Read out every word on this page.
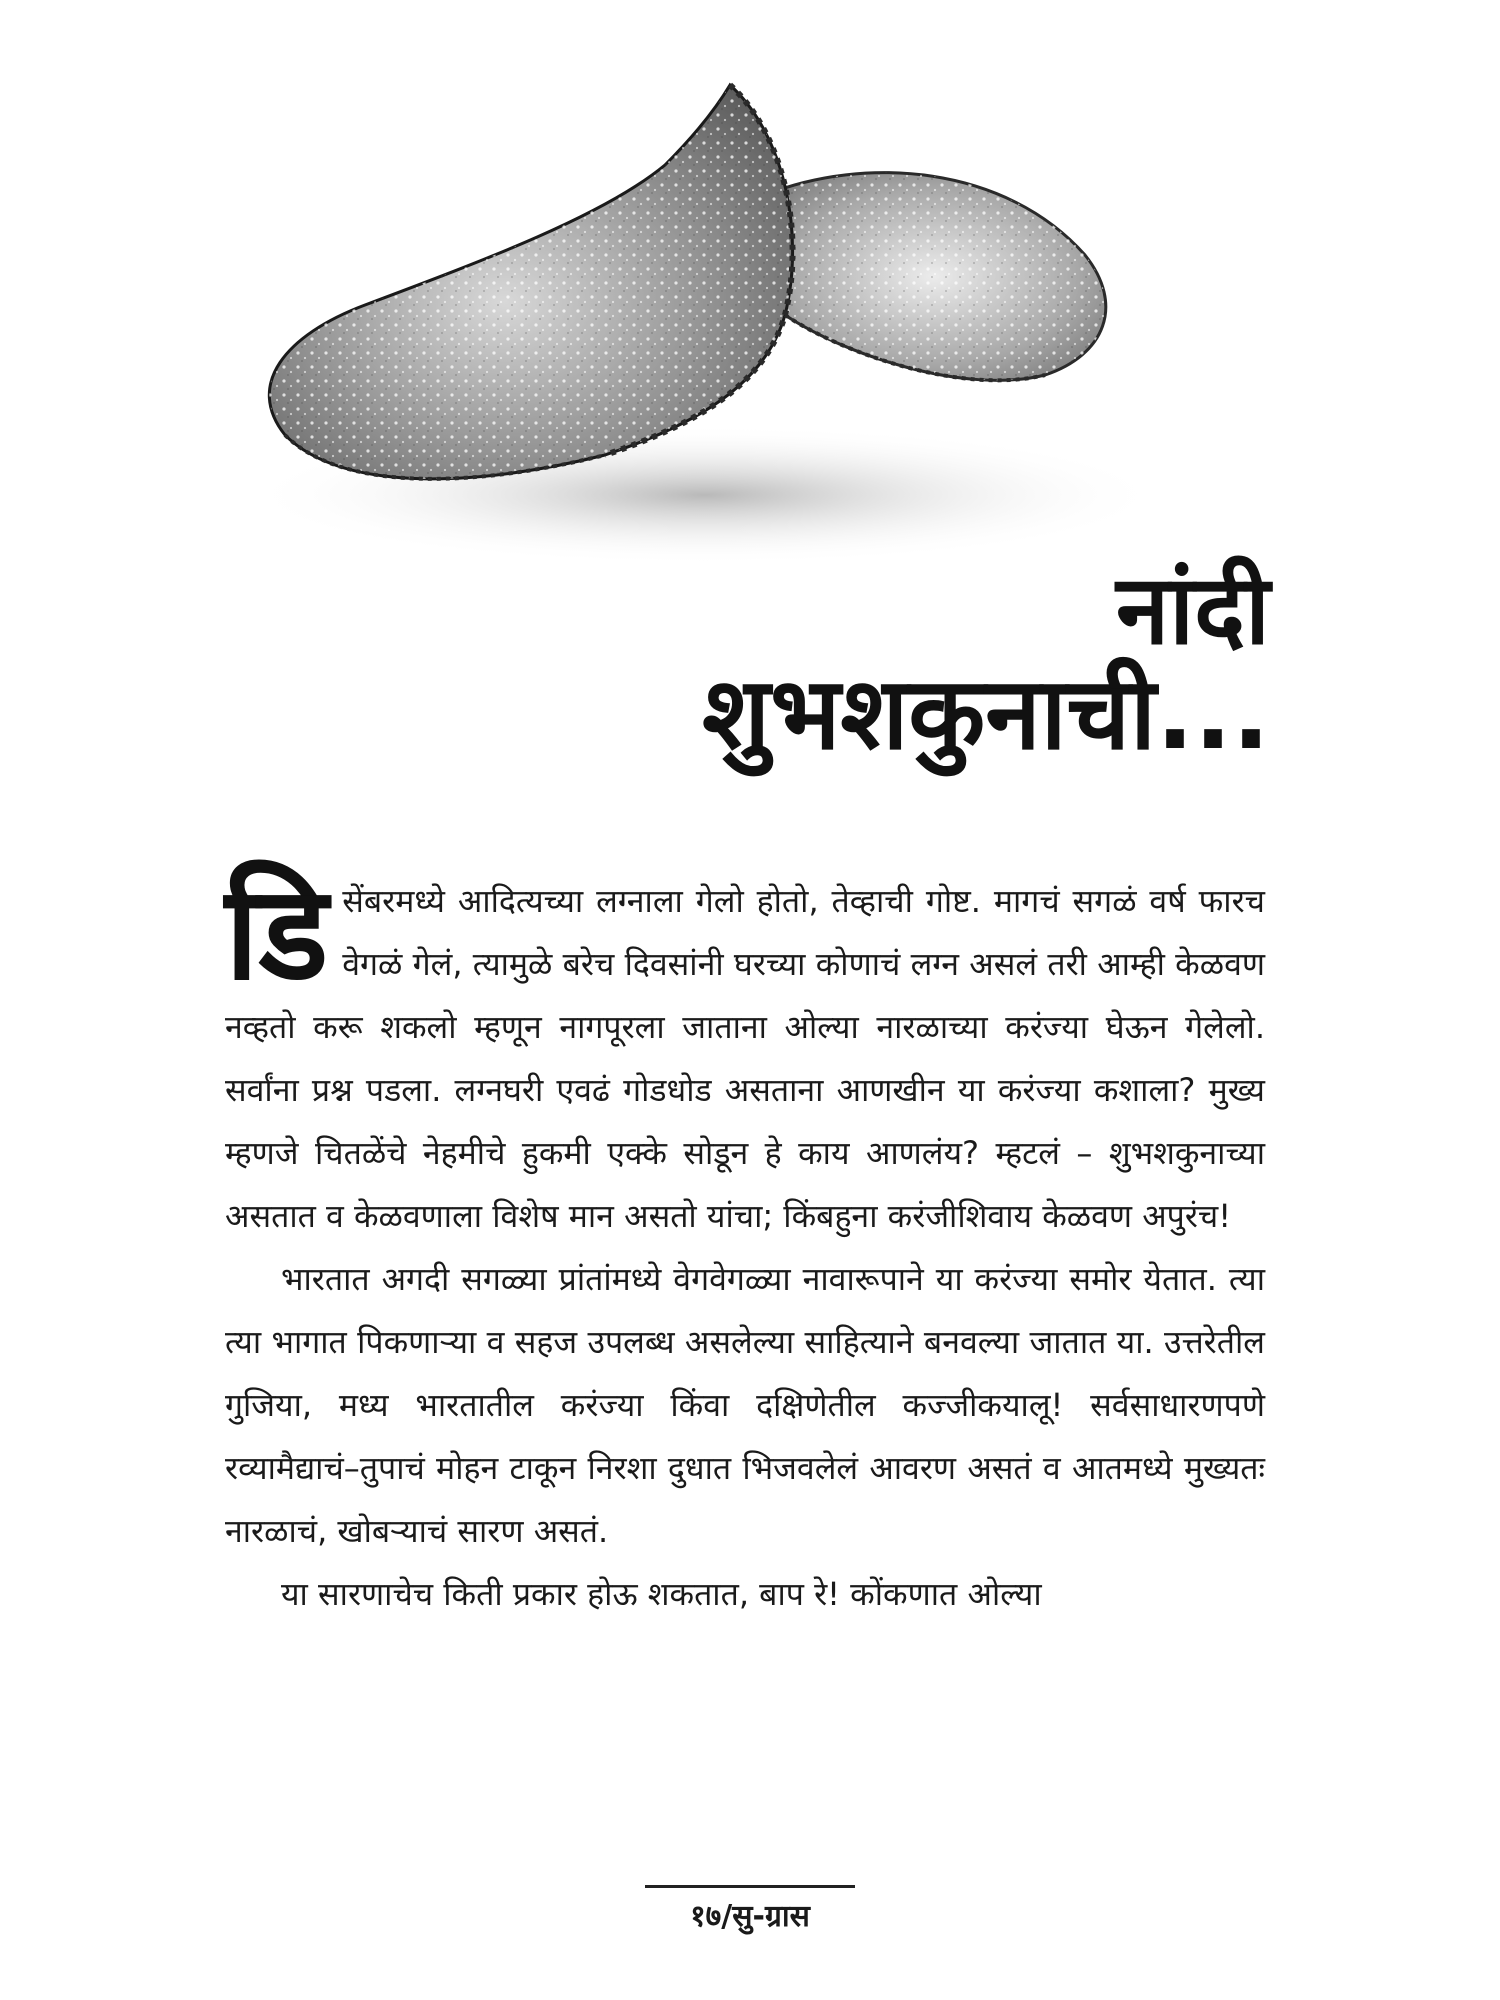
नांदी
शुभशकुनाची...

डि सेंबरमध्ये आदित्यच्या लग्नाला गेलो होतो, तेव्हाची गोष्ट. मागचं सगळं वर्ष फारच वेगळं गेलं, त्यामुळे बरेच दिवसांनी घरच्या कोणाचं लग्न असलं तरी आम्ही केळवण नव्हतो करू शकलो म्हणून नागपूरला जाताना ओल्या नारळाच्या करंज्या घेऊन गेलेलो. सर्वांना प्रश्न पडला. लग्नघरी एवढं गोडधोड असताना आणखीन या करंज्या कशाला? मुख्य म्हणजे चितळेंचे नेहमीचे हुकमी एक्के सोडून हे काय आणलंय? म्हटलं – शुभशकुनाच्या असतात व केळवणाला विशेष मान असतो यांचा; किंबहुना करंजीशिवाय केळवण अपुरंच!

भारतात अगदी सगळ्या प्रांतांमध्ये वेगवेगळ्या नावारूपाने या करंज्या समोर येतात. त्या त्या भागात पिकणाऱ्या व सहज उपलब्ध असलेल्या साहित्याने बनवल्या जातात या. उत्तरेतील गुजिया, मध्य भारतातील करंज्या किंवा दक्षिणेतील कज्जीकयालू! सर्वसाधारणपणे रव्यामैद्याचं–तुपाचं मोहन टाकून निरशा दुधात भिजवलेलं आवरण असतं व आतमध्ये मुख्यतः नारळाचं, खोबऱ्याचं सारण असतं.

या सारणाचेच किती प्रकार होऊ शकतात, बाप रे! कोंकणात ओल्या

१७/सु-ग्रास
